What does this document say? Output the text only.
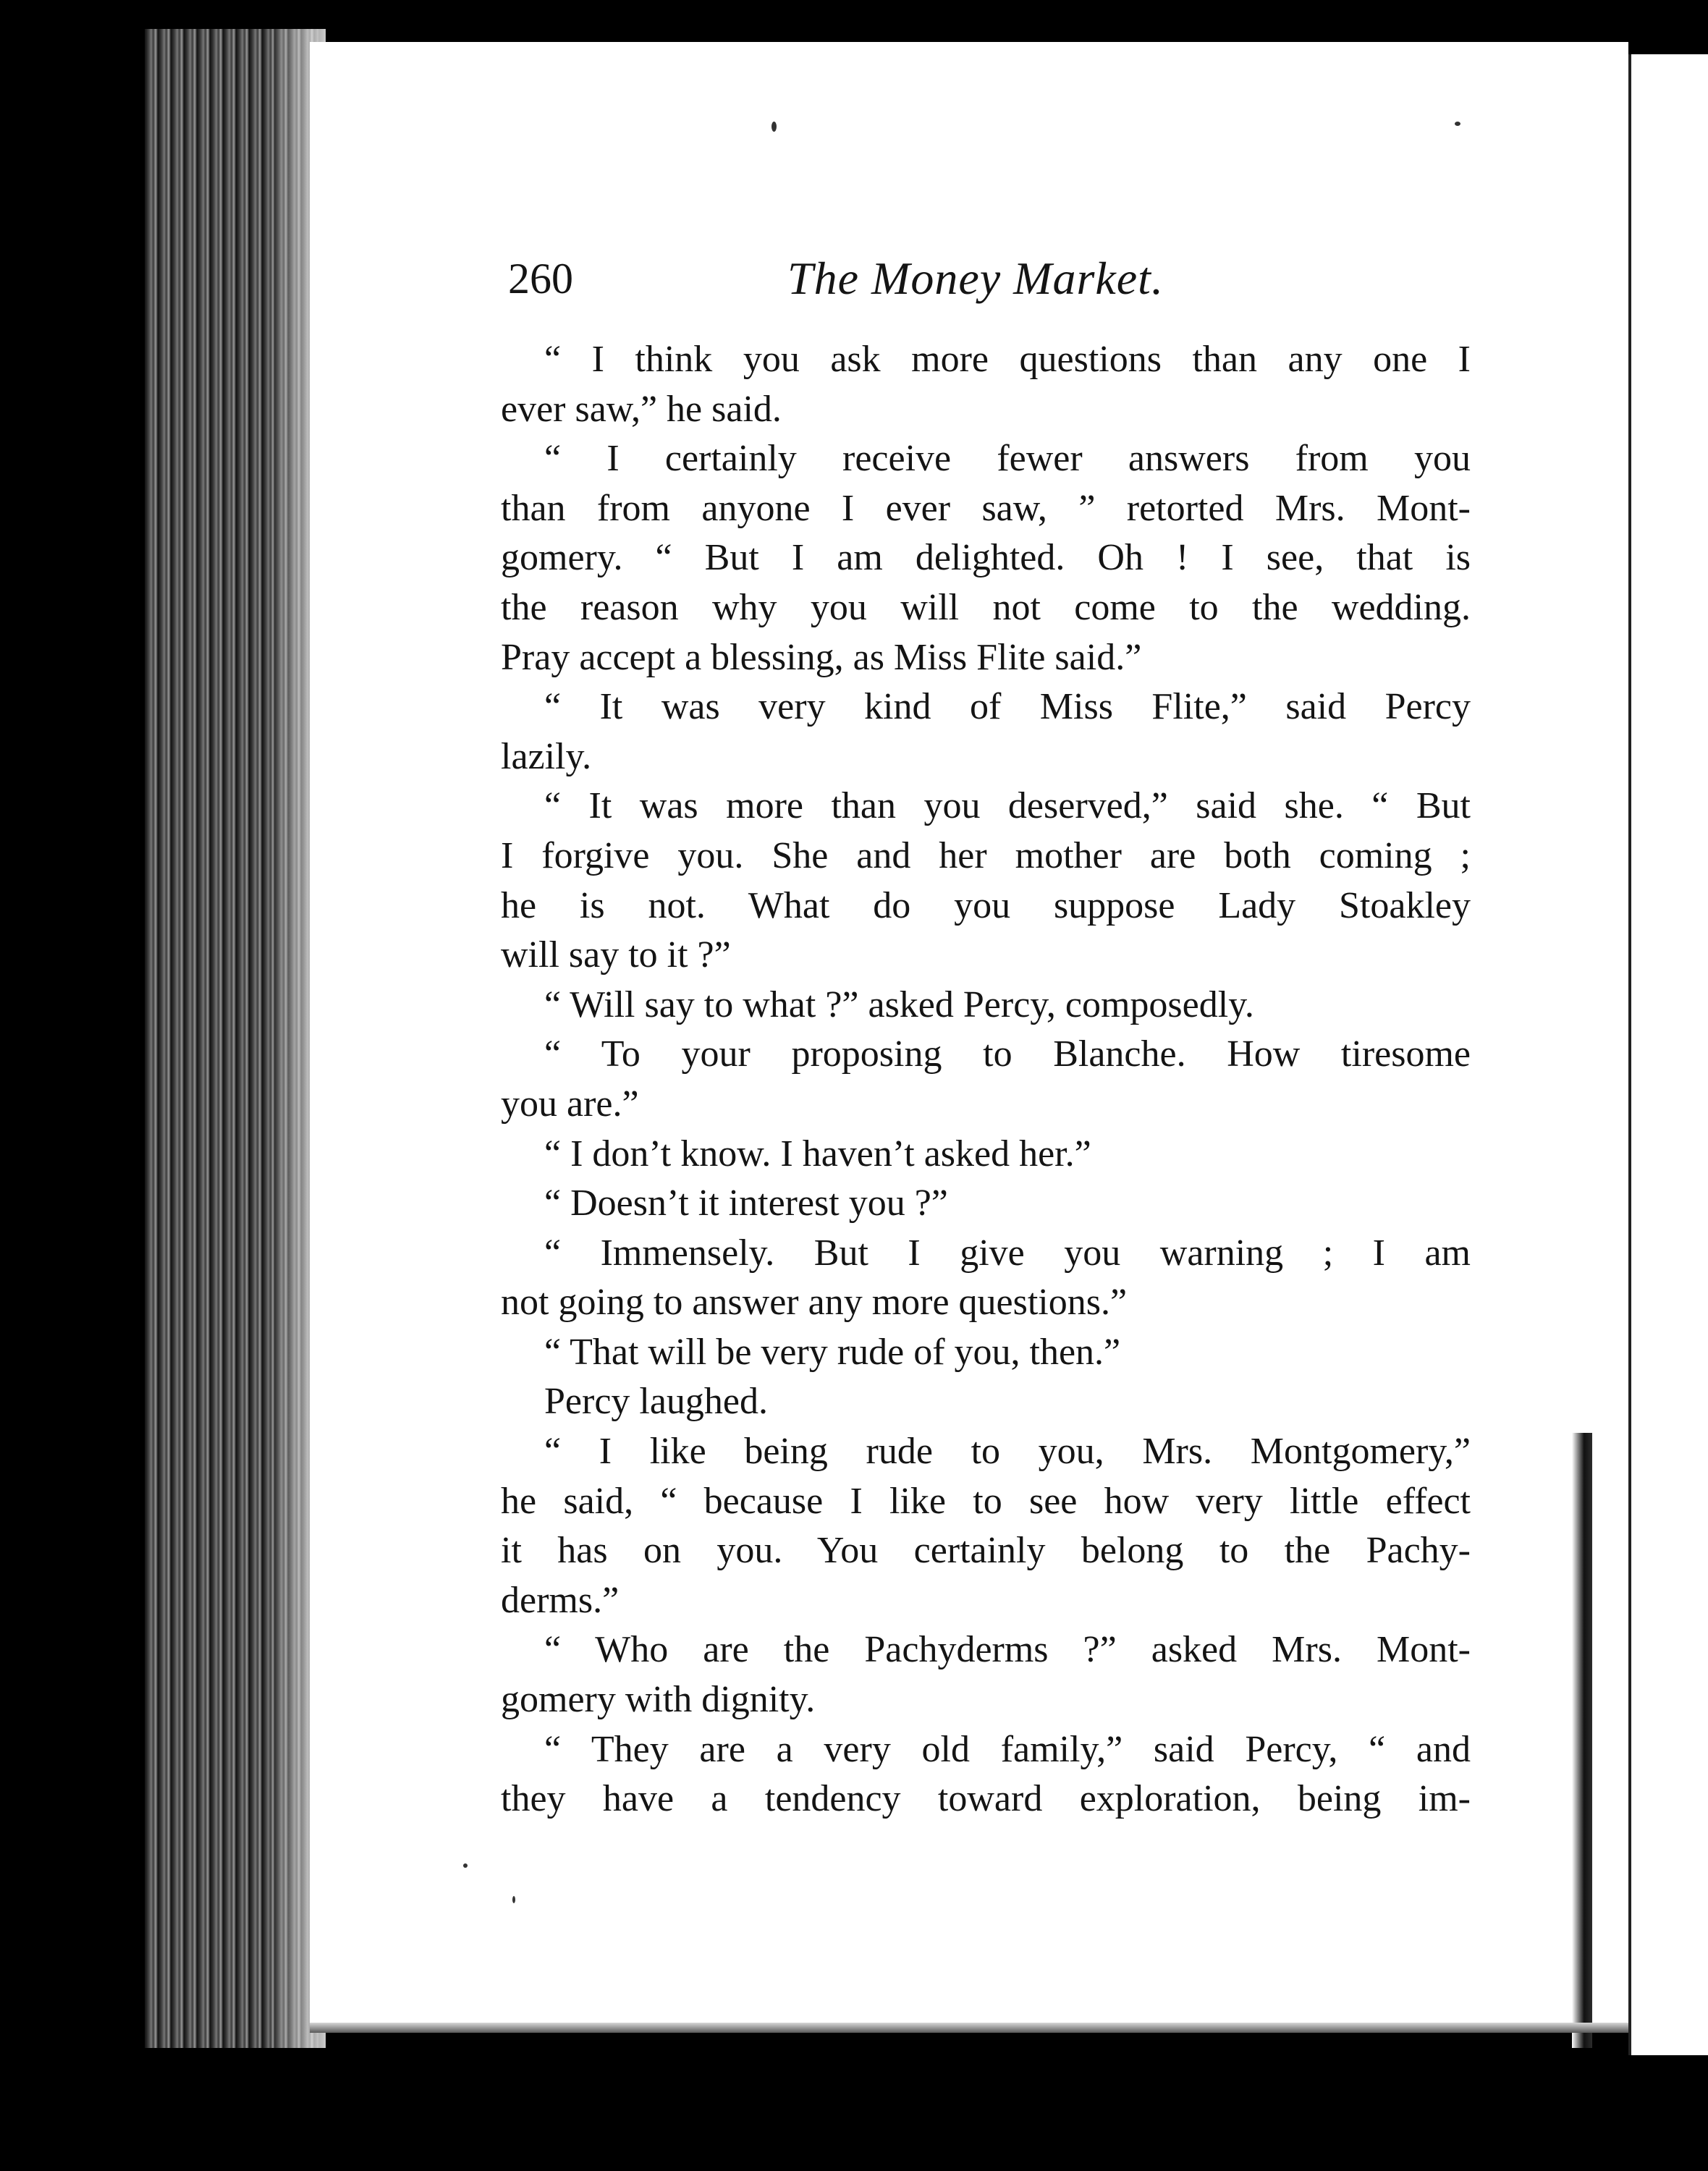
260	The Money Market.
“ I think you ask more questions than any one I
ever saw,” he said.
“ I certainly receive fewer answers from you
than from anyone I ever saw, ” retorted Mrs. Mont-
gomery. “ But I am delighted. Oh ! I see, that is
the reason why you will not come to the wedding.
Pray accept a blessing, as Miss Flite said.”
“ It was very kind of Miss Flite,” said Percy
lazily.
“ It was more than you deserved,” said she. “ But
I forgive you. She and her mother are both coming ;
he is not. What do you suppose Lady Stoakley
will say to it ?”
“ Will say to what ?” asked Percy, composedly.
“ To your proposing to Blanche. How tiresome
you are.”
“ I don’t know. I haven’t asked her.”
“ Doesn’t it interest you ?”
“ Immensely. But I give you warning ; I am
not going to answer any more questions.”
“ That will be very rude of you, then.”
Percy laughed.
“ I like being rude to you, Mrs. Montgomery,”
he said, “ because I like to see how very little effect
it has on you. You certainly belong to the Pachy-
derms.”
“ Who are the Pachyderms ?” asked Mrs. Mont-
gomery with dignity.
“ They are a very old family,” said Percy, “ and
they have a tendency toward exploration, being im-
